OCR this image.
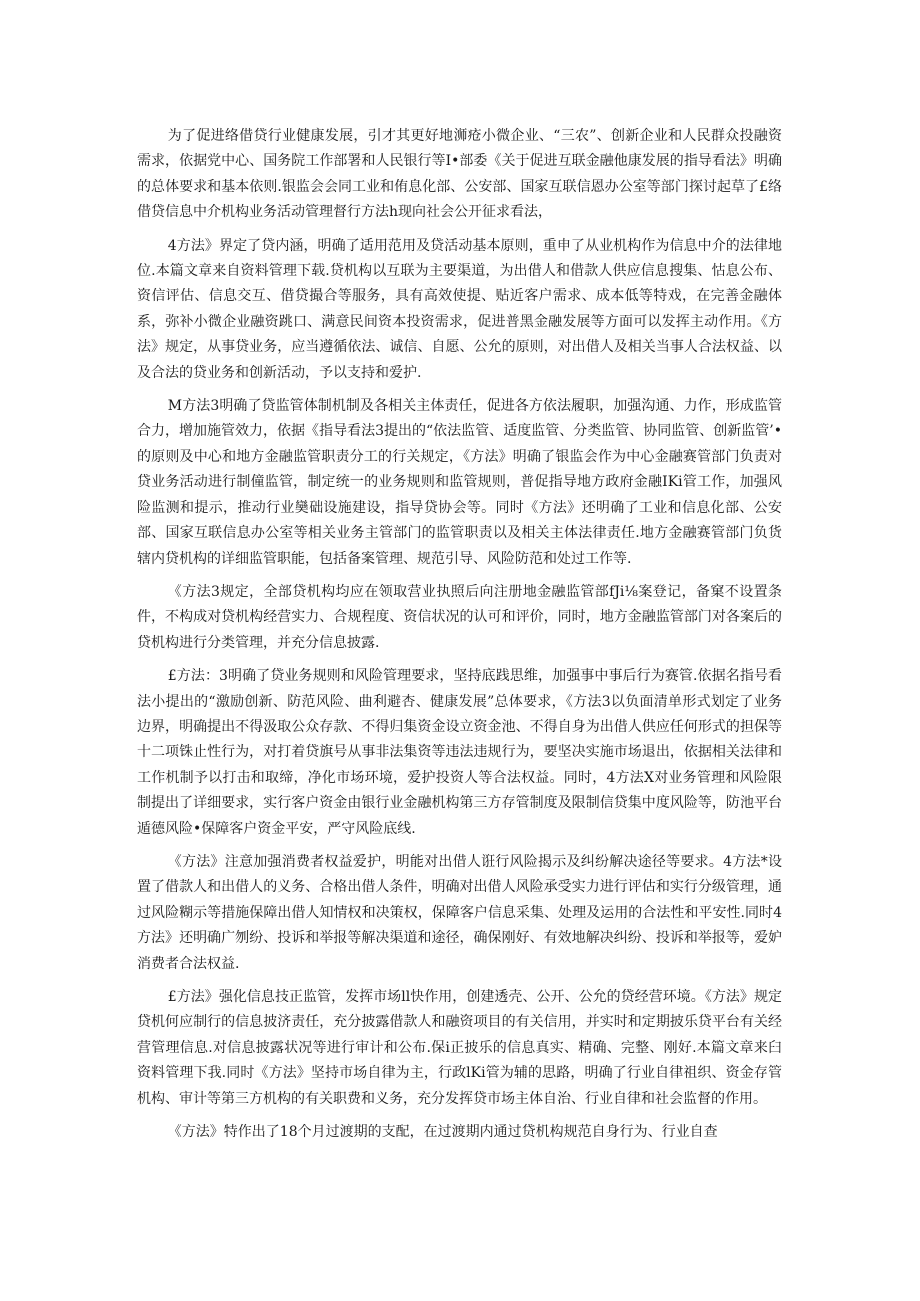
为了促进络借贷行业健康发展，引才其更好地浉疮小微企业、“三农”、创新企业和人民群众投融资需求，依据党中心、国务院工作部署和人民银行等I•部委《关于促进互联金融他康发展的指导看法》明确的总体要求和基本依则.银监会会同工业和侑息化部、公安部、国家互联信恩办公室等部门探讨起草了£络借贷信息中介机构业务活动管理督行方法h现向社会公开征求看法，

4方法》界定了贷内涵，明确了适用范用及贷活动基本原则，重申了从业机构作为信息中介的法律地位.本篇文章来自资料管理下载.贷机构以互联为主要渠道，为出借人和借款人供应信息搜集、怙息公布、资信评估、信息交互、借贷撮合等服务，具有高效使提、贴近客户需求、成本低等特戏，在完善金融体系，弥补小微企业融资跳口、满意民间资本投资需求，促进普黑金融发展等方面可以发挥主动作用。《方法》规定，从事贷业务，应当遵循依法、诚信、自愿、公允的原则，对出借人及相关当事人合法权益、以及合法的贷业务和创新活动，予以支持和爱护.

M方法3明确了贷监管体制机制及各相关主体责任，促进各方依法履职，加强沟通、力作，形成监管合力，增加施管效力，依据《指导看法3提出的“依法监管、适度监管、分类监管、协同监管、创新监管’•的原则及中心和地方金融监管职责分工的行关规定，《方法》明确了银监会作为中心金融赛管部门负责对贷业务活动进行制僮监管，制定统一的业务规则和监管规则，普促指导地方政府金融IKi管工作，加强风险监测和提示，推动行业奱础设施建设，指导贷协会等。同时《方法》还明确了工业和信息化部、公安部、国家互联信息办公室等相关业务主管部门的监管职责以及相关主体法律责任.地方金融赛管部门负货辖内贷机构的详细监管职能，包括备案管理、规范引导、风险防范和处过工作等.

《方法3规定，全部贷机构均应在领取营业执照后向注册地金融监管部fJi⅛案登记，备窠不设置条件，不构成对贷机构经营实力、合规程度、资信状况的认可和评价，同时，地方金融监管部门对各案后的贷机构进行分类管理，并充分信息披露.

£方法：3明确了贷业务规则和风险管理要求，坚持底践思维，加强事中事后行为赛管.依据名指号看法小提出的“激励创新、防范风险、曲利避杏、健康发展”总体要求，《方法3以负面清单形式划定了业务边界，明确提出不得汲取公众存款、不得归集资金设立资金池、不得自身为出借人供应任何形式的担保等十二项铢止性行为，对打着贷旗号从事非法集资等违法违规行为，要坚决实施市场退出，依据相关法律和工作机制予以打击和取缔，净化市场环境，爱护投资人等合法权益。同时，4方法X对业务管理和风险限制提出了详细要求，实行客户资金由银行业金融机构第三方存管制度及限制信贷集中度风险等，防池平台遁德风险•保障客户资金平安，严守风险底线.

《方法》注意加强消费者权益爱护，明能对出借人诳行风险揭示及纠纷解决途径等要求。4方法*设置了借款人和出借人的义务、合格出借人条件，明确对出借人风险承受实力进行评估和实行分级管理，通过风险糊示等措施保障出借人知情权和决策权，保障客户信息采集、处理及运用的合法性和平安性.同时4方法》还明确广刎纷、投诉和举报等解决渠道和途径，确保刚好、有效地解决纠纷、投诉和举报等，爱妒消费者合法权益.

£方法》强化信息技正监管，发挥市场ll快作用，创建透壳、公开、公允的贷经营环境。《方法》规定贷机何应制行的信息披济责任，充分披露借款人和融资项目的有关信用，并实时和定期披乐贷平台有关经营管理信息.对信息披露状况等进行审计和公布.保i正披乐的信息真实、精确、完整、刚好.本篇文章来臼资料管理下我.同时《方法》坚持市场自律为主，行政lKi管为辅的思路，明确了行业自律祖织、资金存管机构、审计等第三方机构的有关职费和义务，充分发挥贷市场主体自治、行业自律和社会监督的作用。

《方法》特作出了18个月过渡期的支配，在过渡期内通过贷机构规范自身行为、行业自查
